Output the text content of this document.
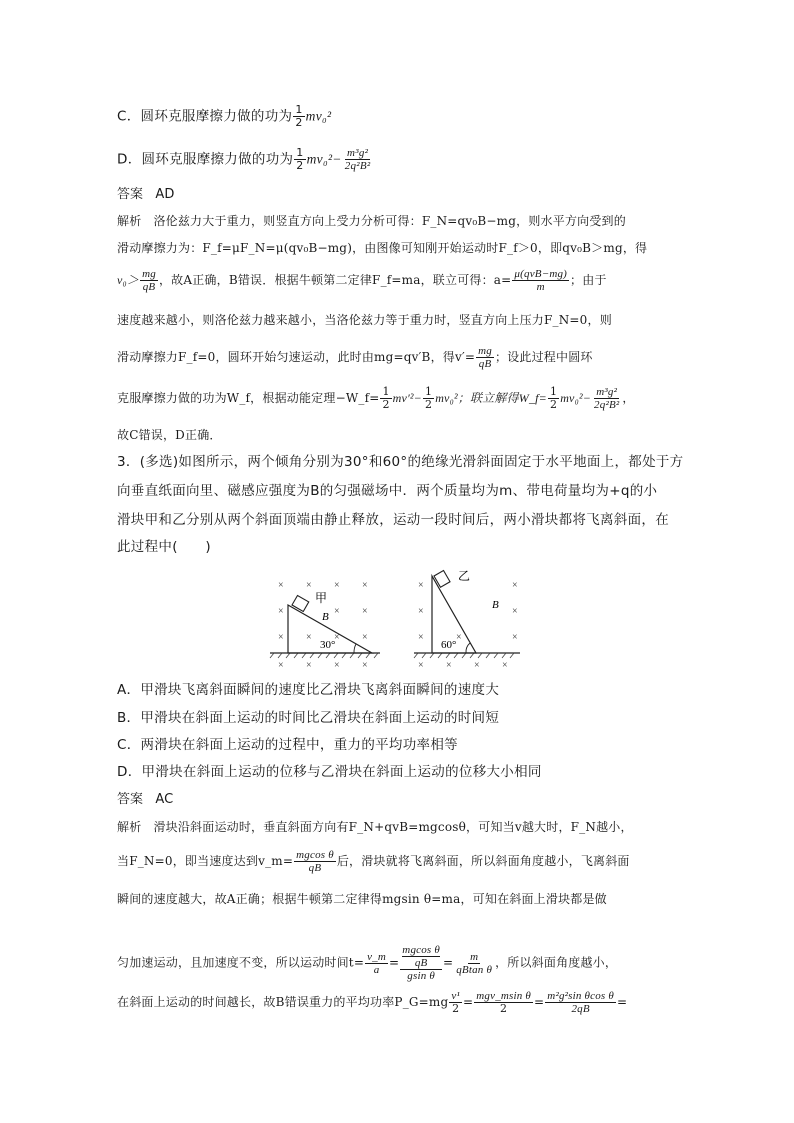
C．圆环克服摩擦力做的功为 $\frac{1}{2} mv_0^2$
D．圆环克服摩擦力做的功为 $\frac{1}{2} mv_0^2- \frac{\text{m³g²}}{\text{2q²B²}}$
答案 AD
解析 洛伦兹力大于重力，则竖直方向上受力分析可得：F_N=qv₀B−mg，则水平方向受到的
滑动摩擦力为：F_f=μF_N=μ(qv₀B−mg)，由图像可知刚开始运动时F_f＞0，即qv₀B＞mg，得
$v_0> \frac{mg}{qB}$ ，故A正确，B错误．根据牛顿第二定律F_f=ma，联立可得：$a= \frac{\text{μ(qvB−mg)}}{m}$ ；由于
速度越来越小，则洛伦兹力越来越小，当洛伦兹力等于重力时，竖直方向上压力F_N=0，则
滑动摩擦力F_f=0，圆环开始匀速运动，此时由mg=qv′B，得$v'= \frac{mg}{qB}$ ；设此过程中圆环
克服摩擦力做的功为W_f，根据动能定理−W_f= $\frac{1}{2} mv'^2- \frac{1}{2} mv_0^2$；联立解得W_f= $\frac{1}{2} mv_0^2- \frac{\text{m³g²}}{\text{2q²B²}}$ ，
故C错误，D正确．
3．(多选)如图所示，两个倾角分别为30°和60°的绝缘光滑斜面固定于水平地面上，都处于方
向垂直纸面向里、磁感应强度为B的匀强磁场中．两个质量均为m、带电荷量均为+q的小
滑块甲和乙分别从两个斜面顶端由静止释放，运动一段时间后，两小滑块都将飞离斜面，在
此过程中(　　)
× × × ×
×	× ×
× × × ×
× × × ×
甲
B
30°
×	×
×	×
×	×	×
× × × ×
乙
B
60°
A．甲滑块飞离斜面瞬间的速度比乙滑块飞离斜面瞬间的速度大
B．甲滑块在斜面上运动的时间比乙滑块在斜面上运动的时间短
C．两滑块在斜面上运动的过程中，重力的平均功率相等
D．甲滑块在斜面上运动的位移与乙滑块在斜面上运动的位移大小相同
答案 AC
解析 滑块沿斜面运动时，垂直斜面方向有F_N+qvB=mgcosθ，可知当v越大时，F_N越小，
当F_N=0，即当速度达到v_m= $\frac{\text{mgcos θ}}{qB}$ 后，滑块就将飞离斜面，所以斜面角度越小，飞离斜面
瞬间的速度越大，故A正确；根据牛顿第二定律得mgsin θ=ma，可知在斜面上滑块都是做
匀加速运动，且加速度不变，所以运动时间$t= \frac{v\_m}{a} = mgcos$ θ
qB
gsin $\theta = \frac{m}{\text{qBtan θ}}$ ，所以斜面角度越小，
在斜面上运动的时间越长，故B错误重力的平均功率P_G=mg $\frac{\text{v¹}}{2} = \frac{\text{mgv\_msin θ}}{2} = \frac{\text{m²g²sin θcos θ}}{2qB}$ =
